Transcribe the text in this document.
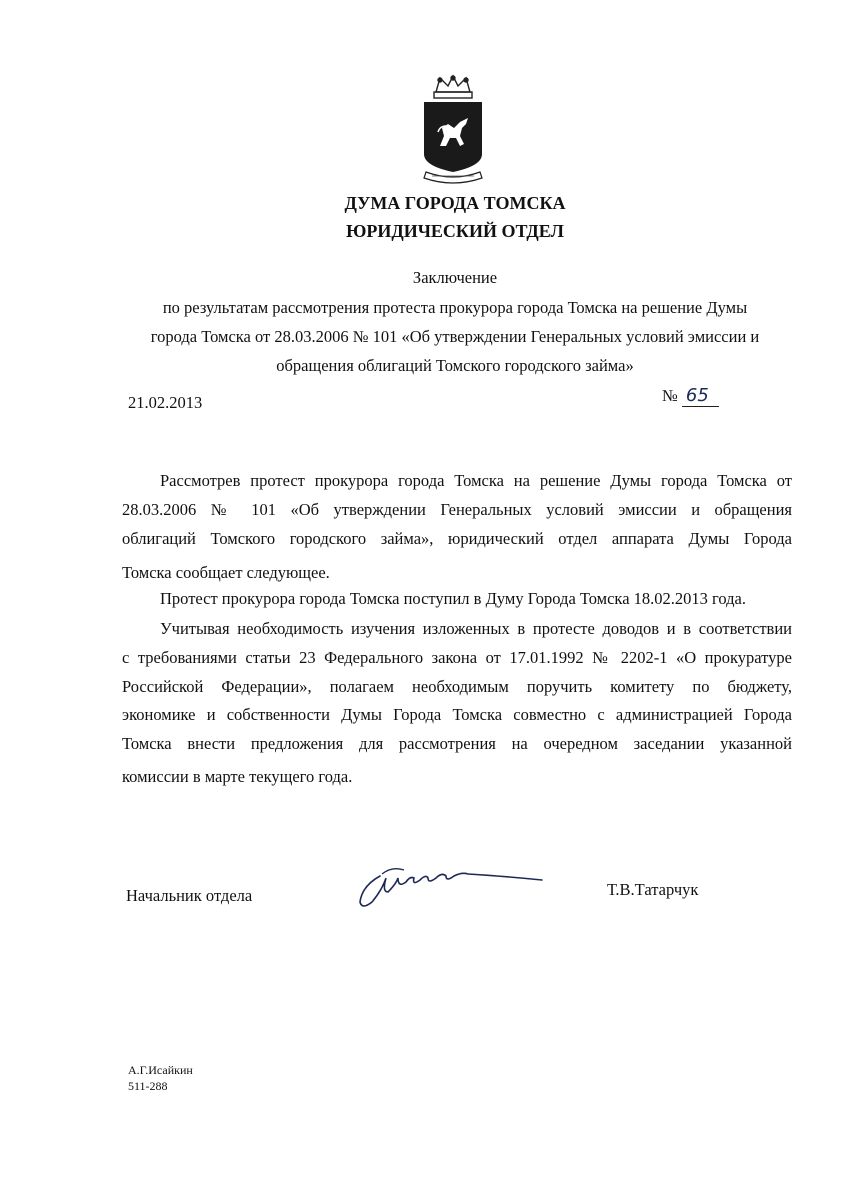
ДУМА ГОРОДА ТОМСКА
ЮРИДИЧЕСКИЙ ОТДЕЛ
Заключение
по результатам рассмотрения протеста прокурора города Томска на решение Думы
города Томска от 28.03.2006 № 101 «Об утверждении Генеральных условий эмиссии и
обращения облигаций Томского городского займа»
21.02.2013	№ 65
Рассмотрев протест прокурора города Томска на решение Думы города Томска от
28.03.2006 № 101 «Об утверждении Генеральных условий эмиссии и обращения
облигаций Томского городского займа», юридический отдел аппарата Думы Города
Томска сообщает следующее.
Протест прокурора города Томска поступил в Думу Города Томска 18.02.2013 года.
Учитывая необходимость изучения изложенных в протесте доводов и в соответствии
с требованиями статьи 23 Федерального закона от 17.01.1992 № 2202-1 «О прокуратуре
Российской Федерации», полагаем необходимым поручить комитету по бюджету,
экономике и собственности Думы Города Томска совместно с администрацией Города
Томска внести предложения для рассмотрения на очередном заседании указанной
комиссии в марте текущего года.
Начальник отдела	Т.В.Татарчук
А.Г.Исайкин
511-288
